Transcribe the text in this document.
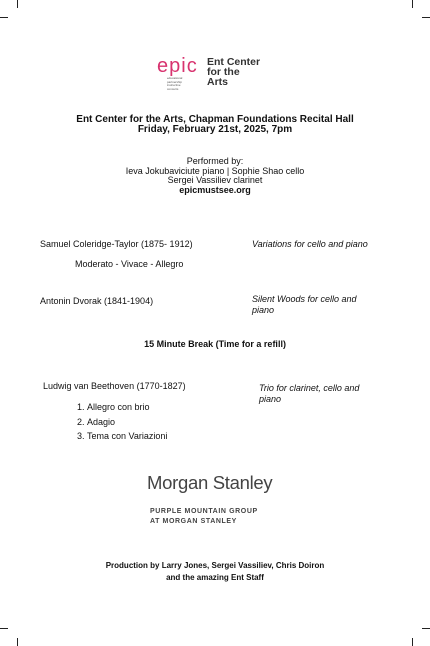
epic
educational
partnership
instructive
concerts
Ent Center
for the
Arts
Ent Center for the Arts, Chapman Foundations Recital Hall
Friday, February 21st, 2025, 7pm
Performed by:
Ieva Jokubaviciute piano | Sophie Shao cello
Sergei Vassiliev clarinet
epicmustsee.org
Samuel Coleridge-Taylor (1875- 1912)	Variations for cello and piano
Moderato - Vivace - Allegro
Antonin Dvorak (1841-1904)	Silent Woods for cello and
piano
15 Minute Break (Time for a refill)
Ludwig van Beethoven (1770-1827)	Trio for clarinet, cello and
piano
1. Allegro con brio
2. Adagio
3. Tema con Variazioni
Morgan Stanley
PURPLE MOUNTAIN GROUP
AT MORGAN STANLEY
Production by Larry Jones, Sergei Vassiliev, Chris Doiron
and the amazing Ent Staff
